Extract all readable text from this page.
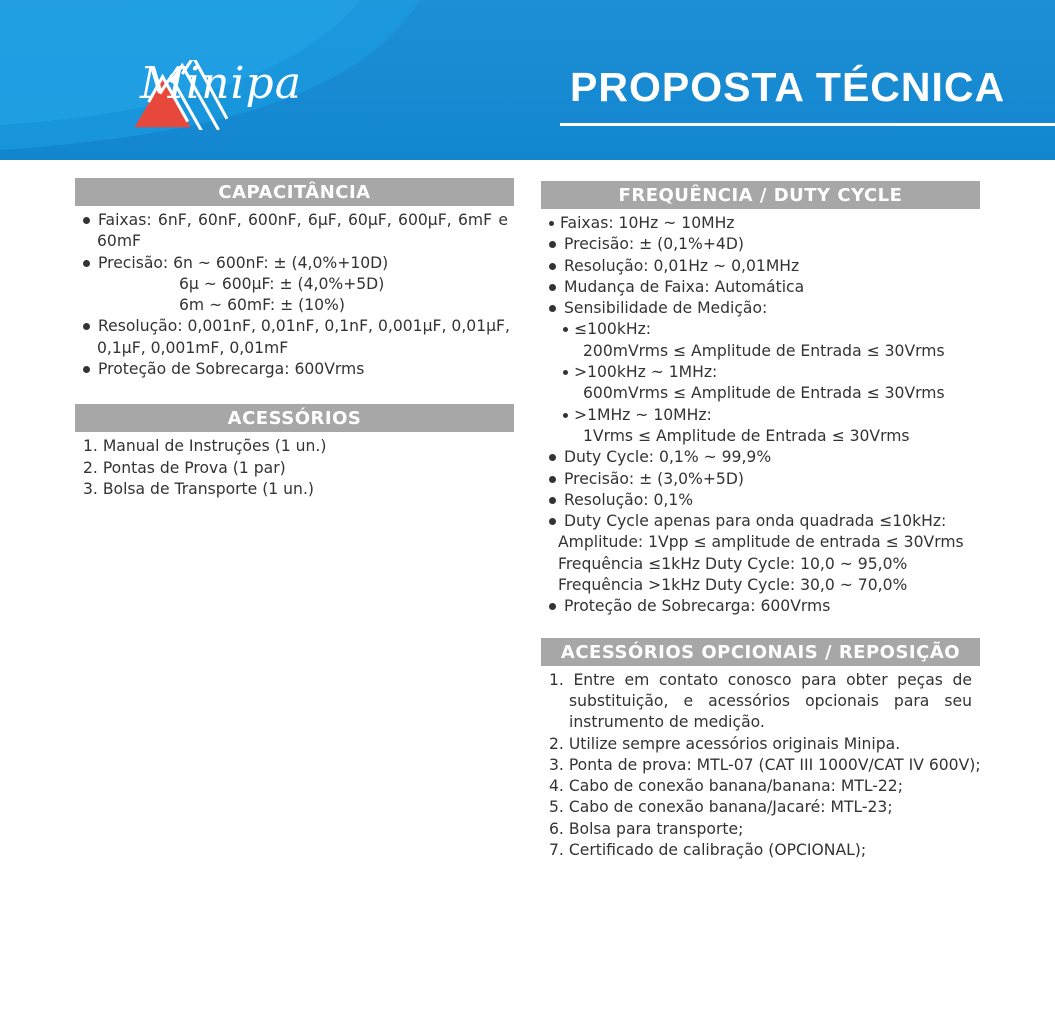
Minipa	PROPOSTA TÉCNICA
CAPACITÂNCIA
Faixas: 6nF, 60nF, 600nF, 6µF, 60µF, 600µF, 6mF e
60mF
Precisão: 6n ~ 600nF: ± (4,0%+10D)
6µ ~ 600µF: ± (4,0%+5D)
6m ~ 60mF: ± (10%)
Resolução: 0,001nF, 0,01nF, 0,1nF, 0,001µF, 0,01µF,
0,1µF, 0,001mF, 0,01mF
Proteção de Sobrecarga: 600Vrms
ACESSÓRIOS
1. Manual de Instruções (1 un.)
2. Pontas de Prova (1 par)
3. Bolsa de Transporte (1 un.)
FREQUÊNCIA / DUTY CYCLE
Faixas: 10Hz ~ 10MHz
Precisão: ± (0,1%+4D)
Resolução: 0,01Hz ~ 0,01MHz
Mudança de Faixa: Automática
Sensibilidade de Medição:
≤100kHz:
200mVrms ≤ Amplitude de Entrada ≤ 30Vrms
>100kHz ~ 1MHz:
600mVrms ≤ Amplitude de Entrada ≤ 30Vrms
>1MHz ~ 10MHz:
1Vrms ≤ Amplitude de Entrada ≤ 30Vrms
Duty Cycle: 0,1% ~ 99,9%
Precisão: ± (3,0%+5D)
Resolução: 0,1%
Duty Cycle apenas para onda quadrada ≤10kHz:
Amplitude: 1Vpp ≤ amplitude de entrada ≤ 30Vrms
Frequência ≤1kHz Duty Cycle: 10,0 ~ 95,0%
Frequência >1kHz Duty Cycle: 30,0 ~ 70,0%
Proteção de Sobrecarga: 600Vrms
ACESSÓRIOS OPCIONAIS / REPOSIÇÃO
1. Entre em contato conosco para obter peças de
substituição, e acessórios opcionais para seu
instrumento de medição.
2. Utilize sempre acessórios originais Minipa.
3. Ponta de prova: MTL-07 (CAT III 1000V/CAT IV 600V);
4. Cabo de conexão banana/banana: MTL-22;
5. Cabo de conexão banana/Jacaré: MTL-23;
6. Bolsa para transporte;
7. Certificado de calibração (OPCIONAL);
